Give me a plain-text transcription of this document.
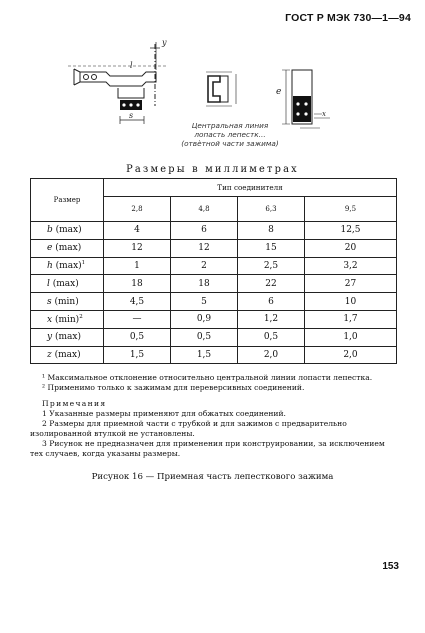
ГОСТ Р МЭК 730—1—94
y
l
s
e
x
Центральная линия
лопасть лепестк...
(отвèтной части зажима)
Размеры в миллиметрах
Размер	Тип соединителя			
	2,8	4,8	6,3	9,5
b (max)	4	6	8	12,5
e (max)	12	12	15	20
h $(\max)^1$	1	2	2,5	3,2
l (max)	18	18	22	27
s (min)	4,5	5	6	10
x $(\min)^2$	—	0,9	1,2	1,7
y (max)	0,5	0,5	0,5	1,0
z (max)	1,5	1,5	2,0	2,0

¹ Максимальное отклонение относительно центральной линии лопасти лепестка.

² Применимо только к зажимам для переверсивных соединений.

Примечания

1 Указанные размеры применяют для обжатых соединений.

2 Размеры для приемной части с трубкой и для зажимов с предварительно изолированной втулкой не установлены.

3 Рисунок не предназначен для применения при конструировании, за исключением тех случаев, когда указаны размеры.

Рисунок 16 — Приемная часть лепесткового зажима
153
